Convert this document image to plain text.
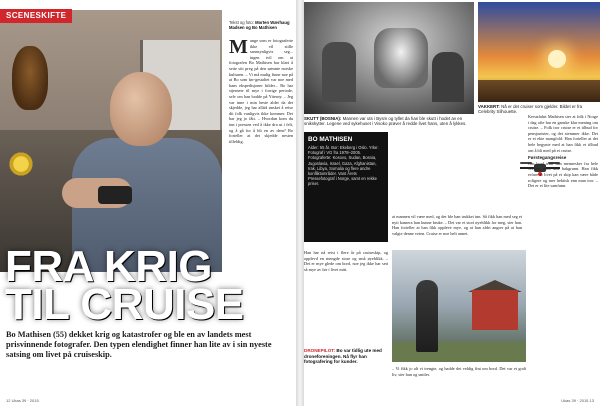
SCENESKIFTE
Tekst og foto: Morten Wærhaug Madsen og Bo Mathisen
M ange som er fotograferte ikke vil stille sannsynligvis seg... ingen tvil om at fotografen Bo Mathisen har klart å sette sitt preg på den sømnte norske kulturen. – Vi må mulig finne noe på at Bo som før-gestaltet var noe med hans ekspedisjoner bilder... Bo har stjernete til mye i forrige periode, selv om han bodde på Ytterøy. – Jeg var inne i min beste alder da det skjedde, jeg har alltid ønsket å reise dit folk vanligvis ikke kommer. Det har jeg jo fått. – Hvordan kom du inn i pressen ved å ikke dra ut i felt, og å gå for å bli en av dem? Bo forteller at det skjedde nesten tilfeldig.
FRA KRIG
TIL CRUISE
Bo Mathisen (55) dekket krig og katastrofer og ble en av landets mest prisvinnende fotografer. Den typen elendighet finner han lite av i sin nyeste satsing om livet på cruiseskip.
12 Ukas 39 · 2015
SKUTT (BOSNIA): Mannen var uts i Bysm og tyllet da han ble skutt i hodet av en snikskytter. Legene ved sykehuset i Visoko prøver å redde livet hans, uten å lykkes.
VAKKERT: Nå er det cruiser som gjelder. Bildet er fra Celebrity Silhouette.
BO MATHISEN
Alder: 55 år. Bor: Ekeberg i Oslo. Yrke: Fotograf i VG fra 1978–2005. Fotograferte: Kosovo, Sudan, Bosnia, Jugoslavia, Israel, Gaza, Afghanistan, Irak, Libya, Somalia og flere andre konfliktområder. Vant Årets Pressefotograf i Norge, samt en rekke priser.
Kreuzfahrt Mathisen sier at folk i Norge i dag ofte har en ganske klar mening om cruise. – Folk tror cruise er et tilbud for pensjonister, og det stemmer ikke. Det er et ekte mangfold. Han forteller at det hele begynte med at han fikk et tilbud om å bli med på et cruise.
Førstegangsreise
Om bord traff han mennesker fra hele verden, med ulik bakgrunn. Han fikk erfare at livet på et skip kan være både roligere og mer hektisk enn man tror. – Det er et lite samfunn.
at mannen vil være med, og der ble han trukket inn. Så fikk han med seg et nytt kamera han kunne bruke. – Det var et stort øyeblikk for meg, sier han. Han forteller at han fikk oppleve mye, og at han aldri angrer på at han valgte denne veien. Cruise er noe helt annet.
Han har nå reist i flere år på cruiseskip, og opplevd en mengde store og små øyeblikk. – Det er mye glede om bord, noe jeg ikke har sett så mye av før i livet mitt.
DRONEPILOT: Bo var tidlig ute med droneforeningen. Nå flyr han fotografering for kunder.
– Vi fikk jo alt vi trengte, og hadde det veldig fint om bord. Det var et godt liv, sier han og smiler.
Ukas 39 · 2015 13
